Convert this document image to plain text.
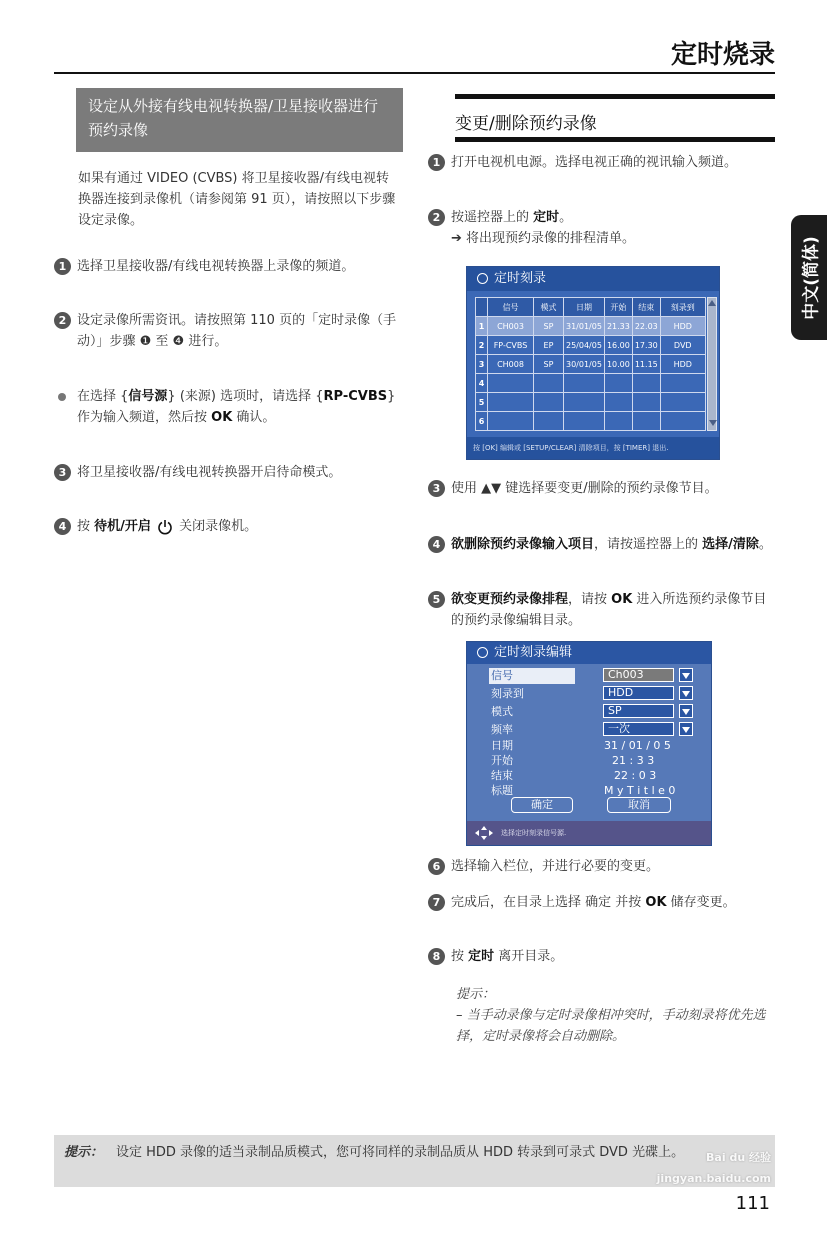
定时烧录
中文(简体)
设定从外接有线电视转换器/卫星接收器进行预约录像
如果有通过 VIDEO (CVBS) 将卫星接收器/有线电视转换器连接到录像机（请参阅第 91 页），请按照以下步骤设定录像。
1 选择卫星接收器/有线电视转换器上录像的频道。
2 设定录像所需资讯。请按照第 110 页的「定时录像（手动）」步骤 ❶ 至 ❹ 进行。
在选择 {信号源} (来源) 选项时，请选择 {RP-CVBS} 作为输入频道，然后按 OK 确认。
3 将卫星接收器/有线电视转换器开启待命模式。
4 按 待机/开启  关闭录像机。
变更/删除预约录像
1 打开电视机电源。选择电视正确的视讯输入频道。
2 按遥控器上的 定时。
➔ 将出现预约录像的排程清单。
定时刻录
	信号	模式	日期	开始	结束	刻录到
1	CH003	SP	31/01/05	21.33	22.03	HDD
2	FP-CVBS	EP	25/04/05	16.00	17.30	DVD
3	CH008	SP	30/01/05	10.00	11.15	HDD
4						
5						
6						
按 [OK] 编辑或 [SETUP/CLEAR] 清除项目，按 [TIMER] 退出.
3 使用 ▲▼ 键选择要变更/删除的预约录像节目。
4 欲删除预约录像输入项目，请按遥控器上的 选择/清除。
5 欲变更预约录像排程，请按 OK 进入所选预约录像节目的预约录像编辑目录。
定时刻录编辑
信号	Ch003
刻录到	HDD
模式	SP
频率	一次
日期	31 / 01 / 0 5
开始	21 : 3 3
结束	22 : 0 3
标题	M y T i t l e 0
确定	取消
选择定时刻录信号源.
6 选择输入栏位，并进行必要的变更。
7 完成后，在目录上选择 确定 并按 OK 储存变更。
8 按 定时 离开目录。
提示：
– 当手动录像与定时录像相冲突时，手动刻录将优先选择，定时录像将会自动删除。
提示： 设定 HDD 录像的适当录制品质模式，您可将同样的录制品质从 HDD 转录到可录式 DVD 光碟上。	Bai du 经验 jingyan.baidu.com
111
